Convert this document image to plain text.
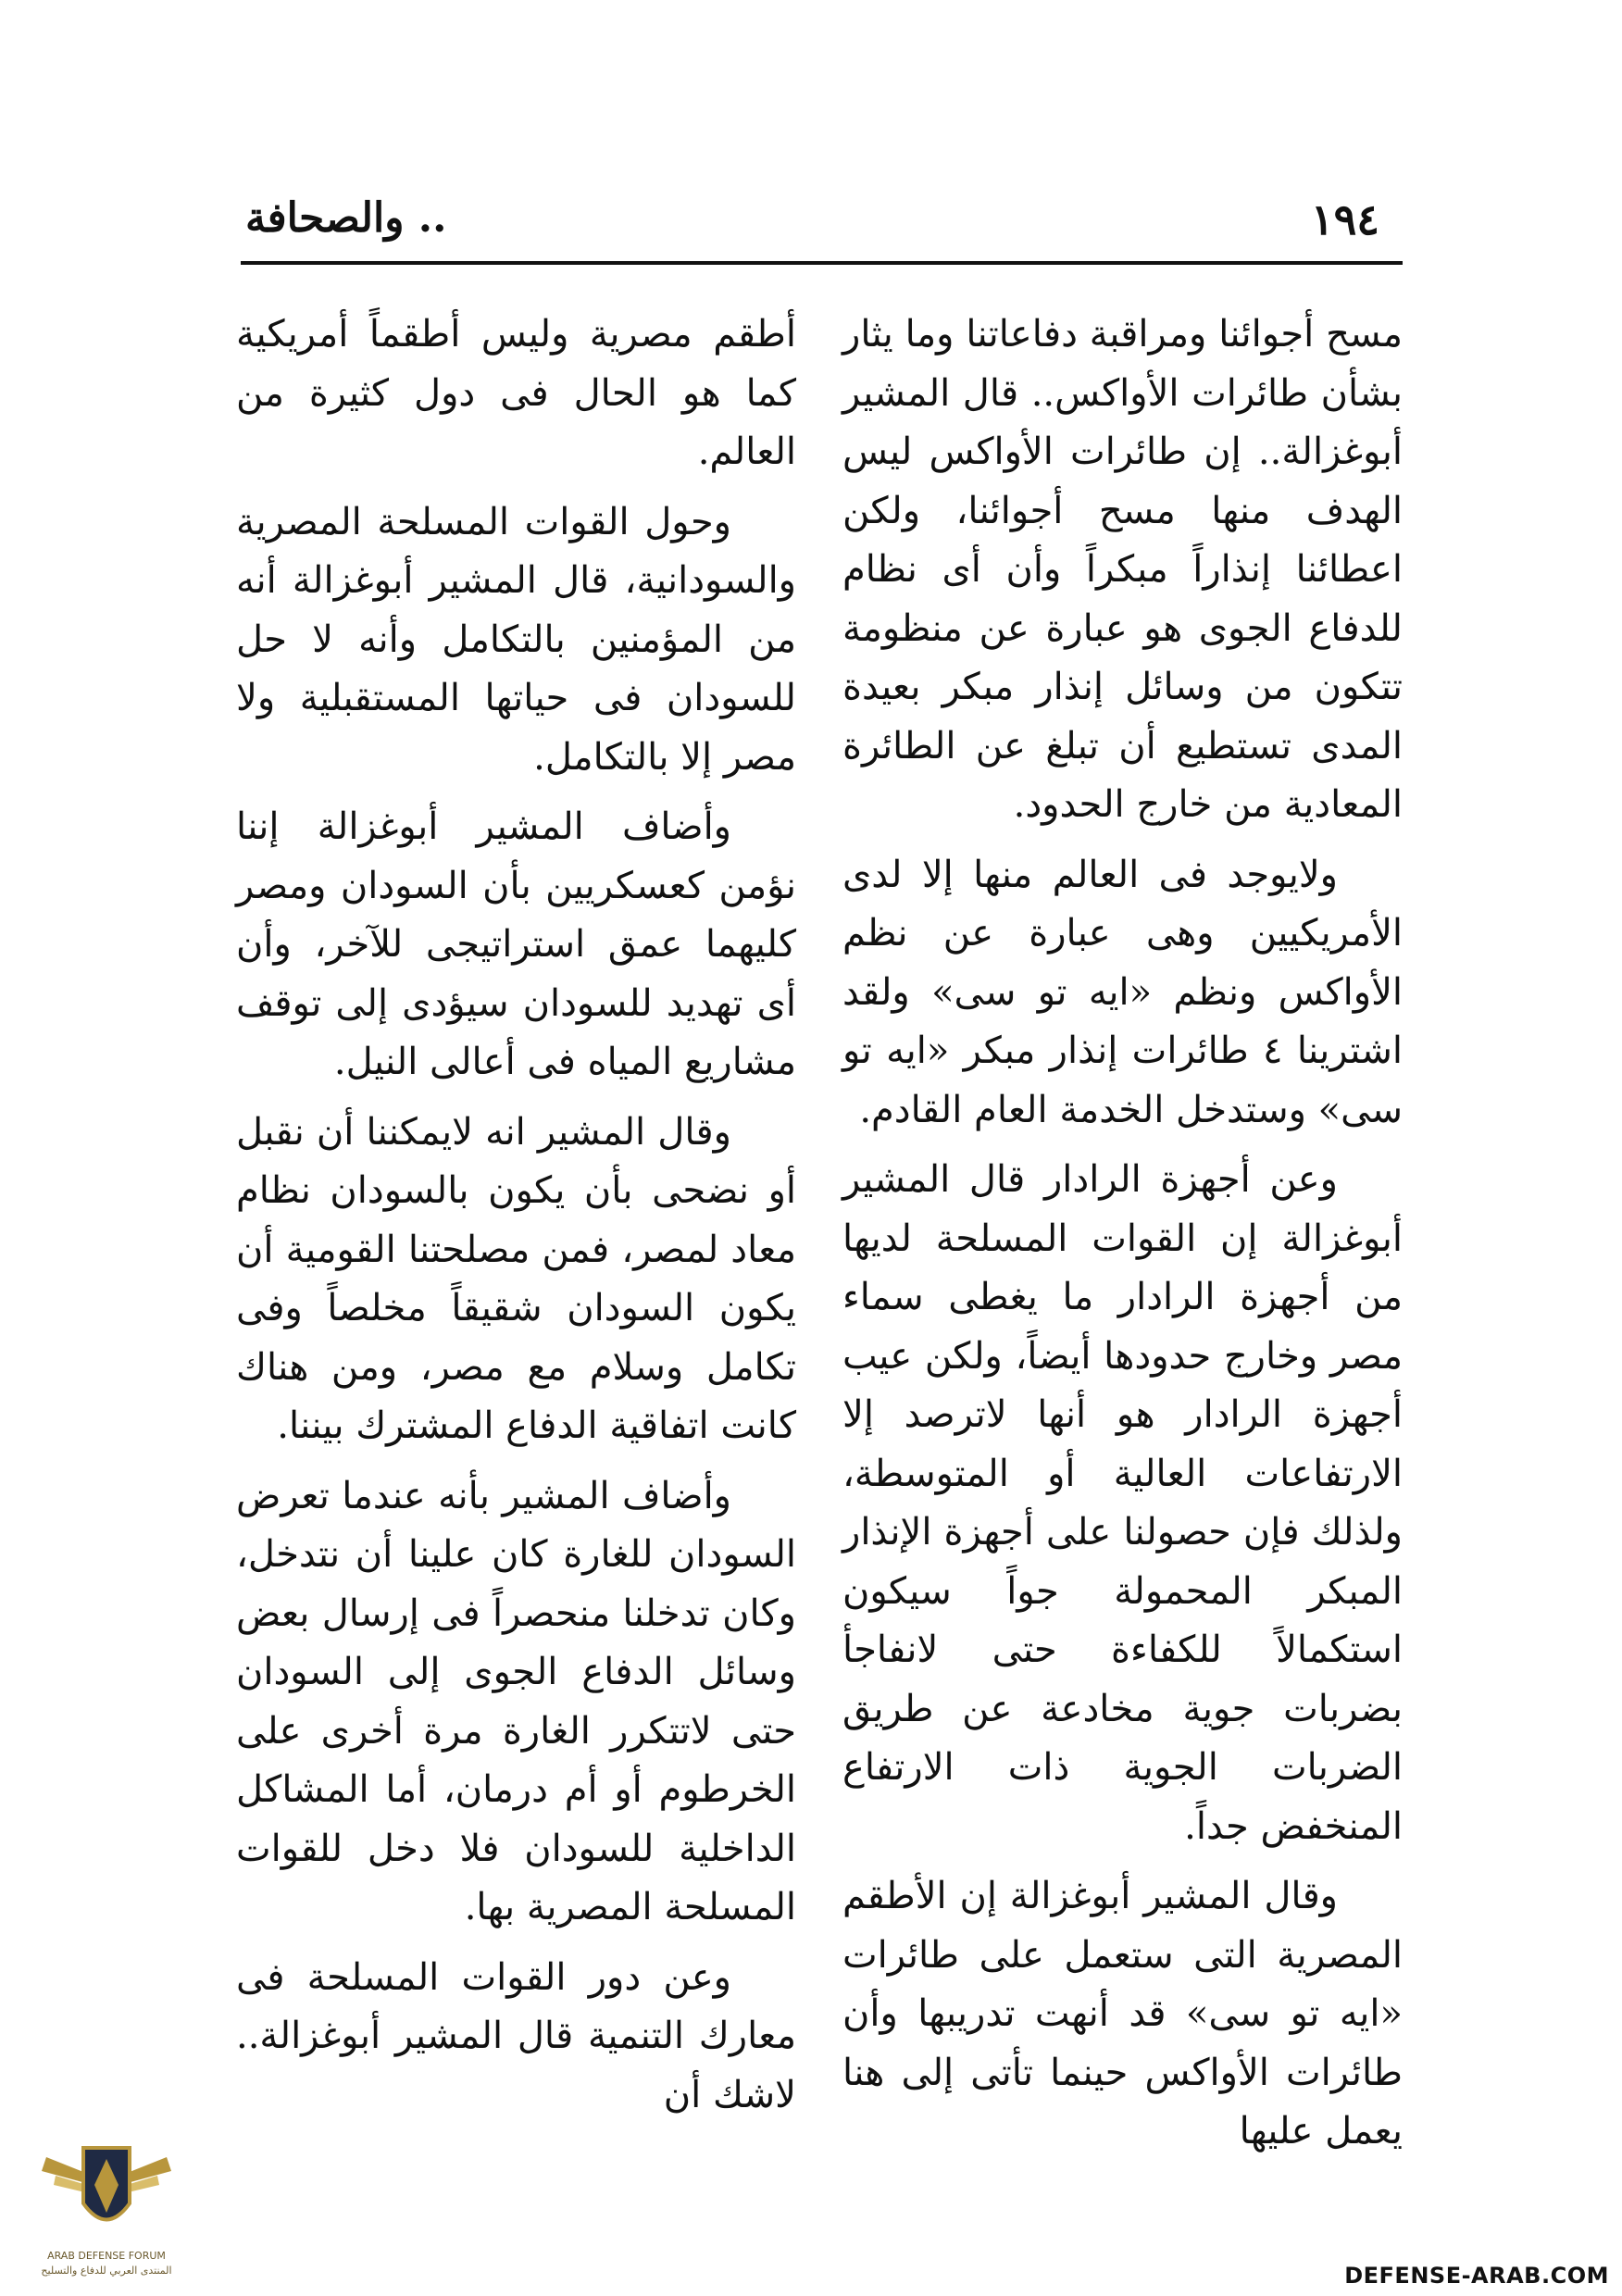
١٩٤
.. والصحافة

مسح أجوائنا ومراقبة دفاعاتنا وما يثار بشأن طائرات الأواكس.. قال المشير أبوغزالة.. إن طائرات الأواكس ليس الهدف منها مسح أجوائنا، ولكن اعطائنا إنذاراً مبكراً وأن أى نظام للدفاع الجوى هو عبارة عن منظومة تتكون من وسائل إنذار مبكر بعيدة المدى تستطيع أن تبلغ عن الطائرة المعادية من خارج الحدود.

ولايوجد فى العالم منها إلا لدى الأمريكيين وهى عبارة عن نظم الأواكس ونظم «ايه تو سى» ولقد اشترينا ٤ طائرات إنذار مبكر «ايه تو سى» وستدخل الخدمة العام القادم.

وعن أجهزة الرادار قال المشير أبوغزالة إن القوات المسلحة لديها من أجهزة الرادار ما يغطى سماء مصر وخارج حدودها أيضاً، ولكن عيب أجهزة الرادار هو أنها لاترصد إلا الارتفاعات العالية أو المتوسطة، ولذلك فإن حصولنا على أجهزة الإنذار المبكر المحمولة جواً سيكون استكمالاً للكفاءة حتى لانفاجأ بضربات جوية مخادعة عن طريق الضربات الجوية ذات الارتفاع المنخفض جداً.

وقال المشير أبوغزالة إن الأطقم المصرية التى ستعمل على طائرات «ايه تو سى» قد أنهت تدريبها وأن طائرات الأواكس حينما تأتى إلى هنا يعمل عليها

أطقم مصرية وليس أطقماً أمريكية كما هو الحال فى دول كثيرة من العالم.

وحول القوات المسلحة المصرية والسودانية، قال المشير أبوغزالة أنه من المؤمنين بالتكامل وأنه لا حل للسودان فى حياتها المستقبلية ولا مصر إلا بالتكامل.

وأضاف المشير أبوغزالة إننا نؤمن كعسكريين بأن السودان ومصر كليهما عمق استراتيجى للآخر، وأن أى تهديد للسودان سيؤدى إلى توقف مشاريع المياه فى أعالى النيل.

وقال المشير انه لايمكننا أن نقبل أو نضحى بأن يكون بالسودان نظام معاد لمصر، فمن مصلحتنا القومية أن يكون السودان شقيقاً مخلصاً وفى تكامل وسلام مع مصر، ومن هناك كانت اتفاقية الدفاع المشترك بيننا.

وأضاف المشير بأنه عندما تعرض السودان للغارة كان علينا أن نتدخل، وكان تدخلنا منحصراً فى إرسال بعض وسائل الدفاع الجوى إلى السودان حتى لاتتكرر الغارة مرة أخرى على الخرطوم أو أم درمان، أما المشاكل الداخلية للسودان فلا دخل للقوات المسلحة المصرية بها.

وعن دور القوات المسلحة فى معارك التنمية قال المشير أبوغزالة.. لاشك أن

ARAB DEFENSE FORUM
المنتدى العربي للدفاع والتسليح	DEFENSE-ARAB.COM
